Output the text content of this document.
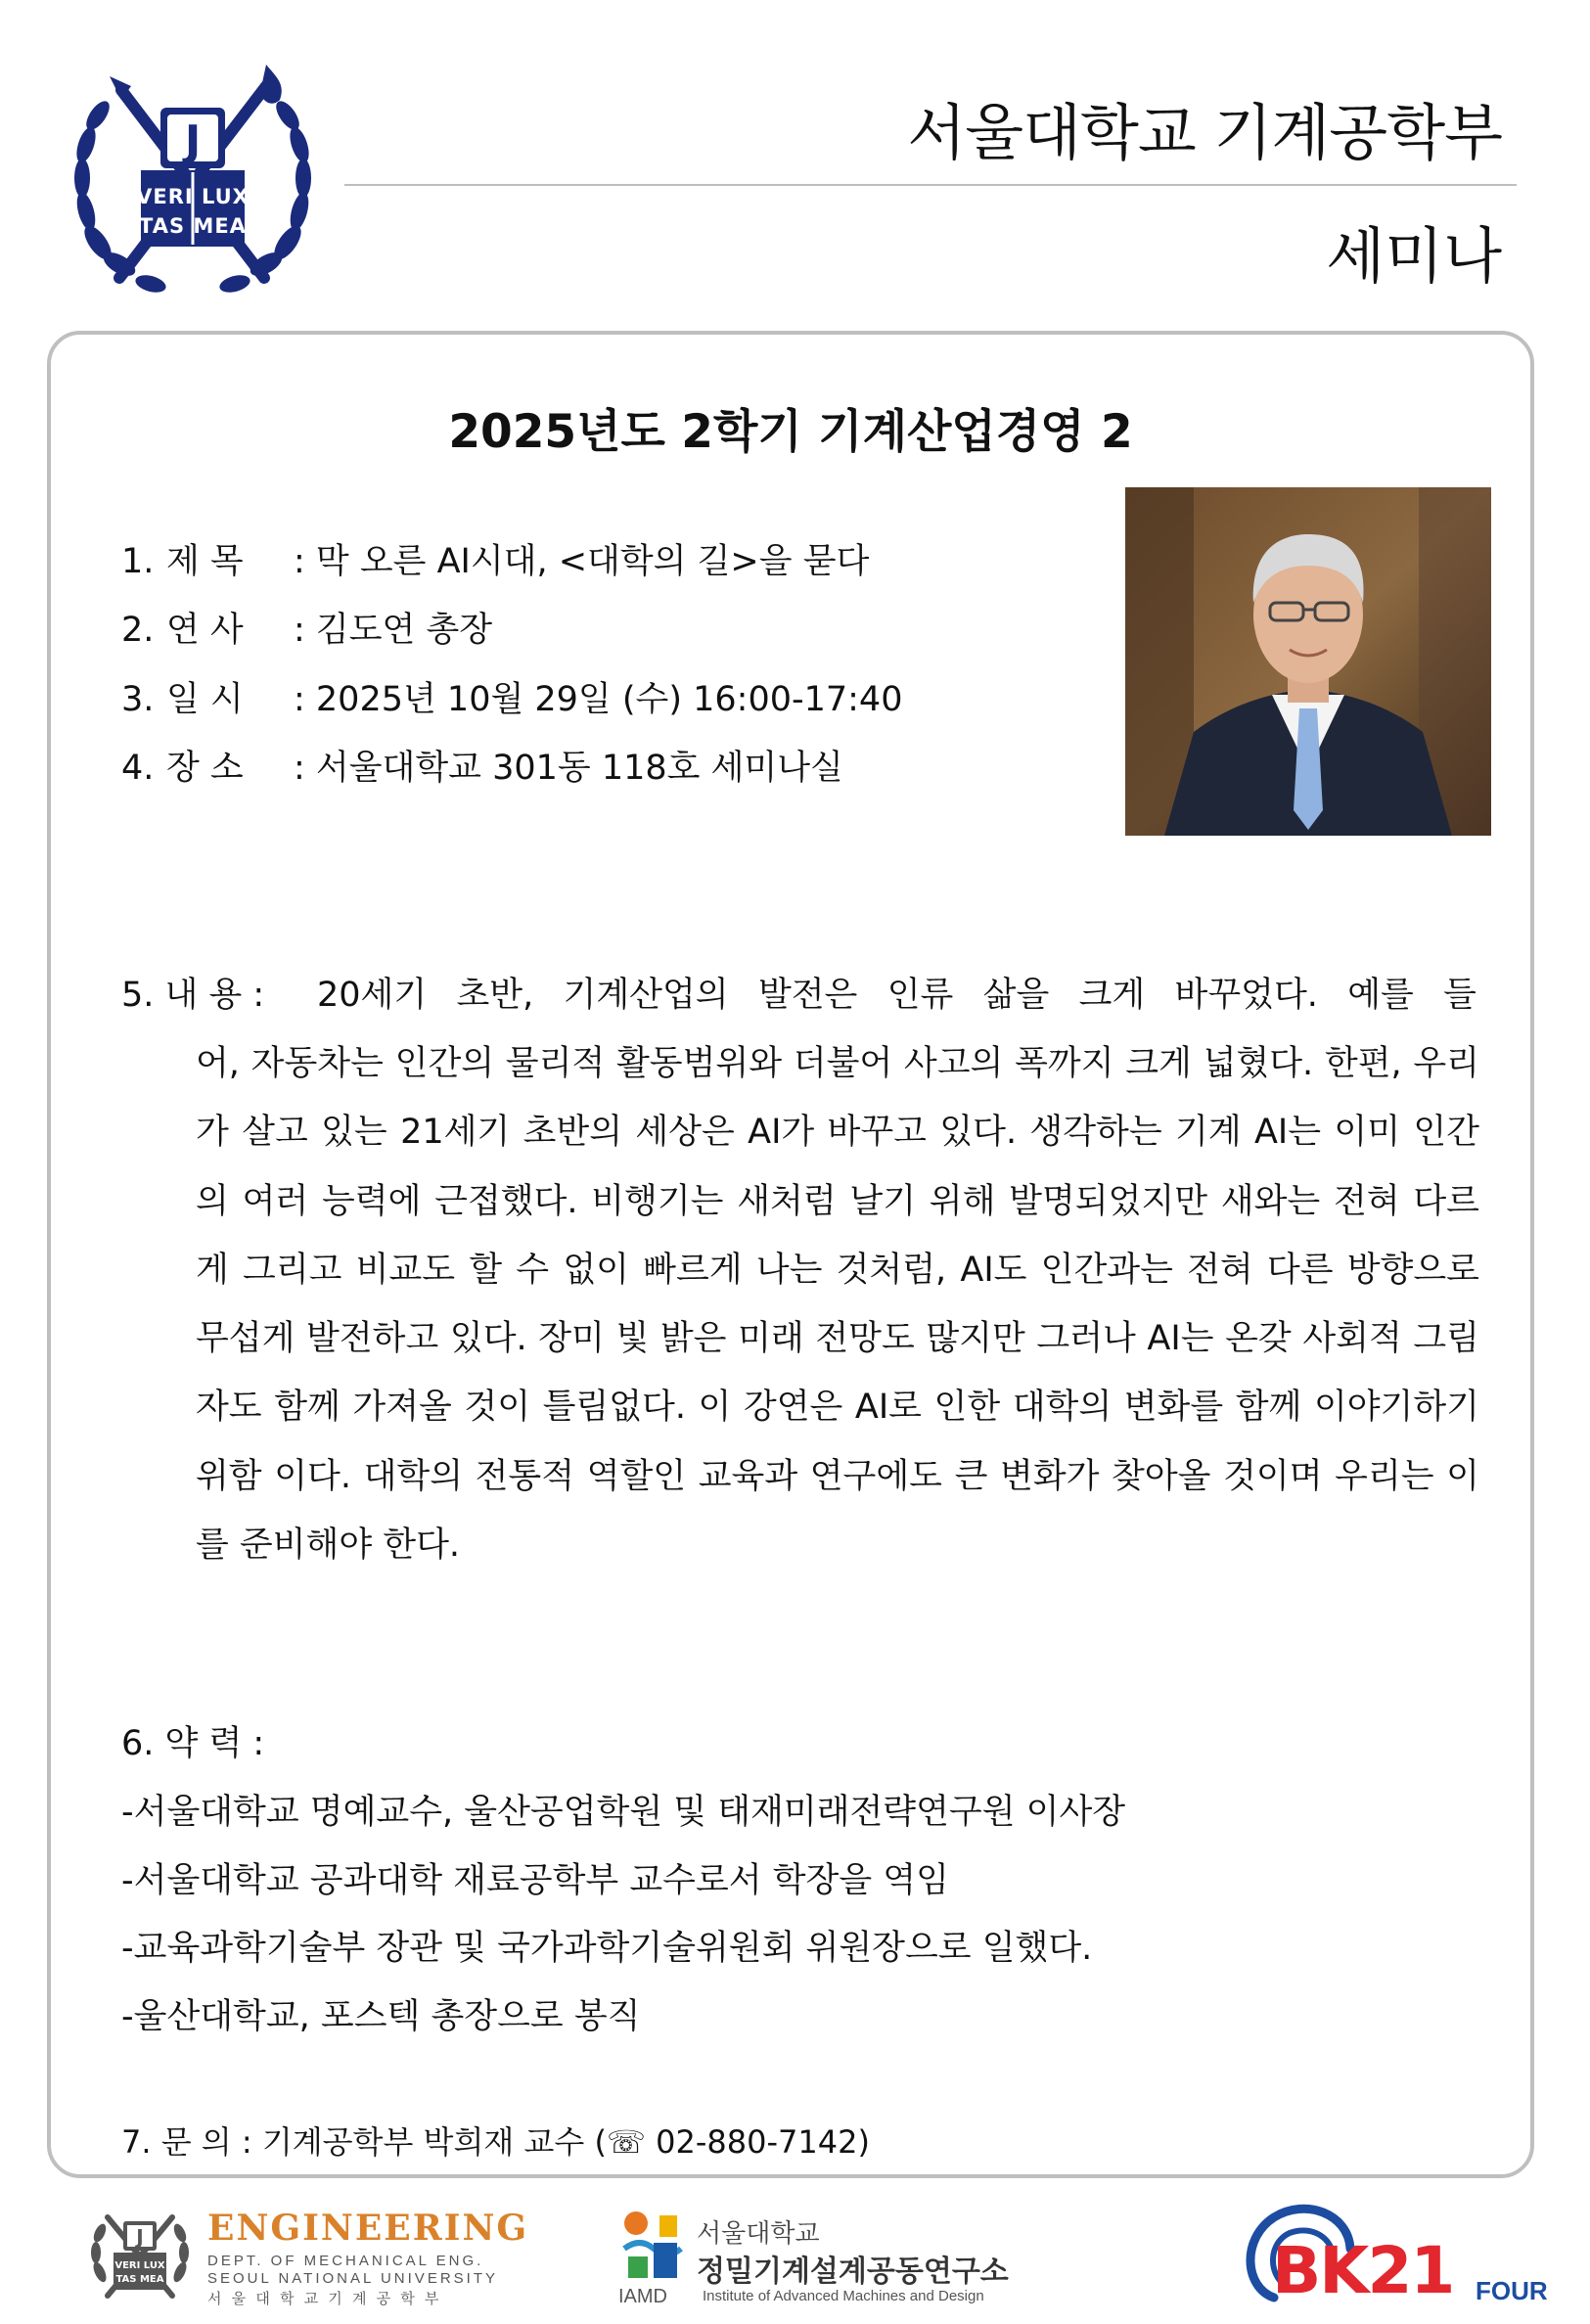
J
VERI LUX
TAS MEA
서울대학교 기계공학부
세미나
2025년도 2학기 기계산업경영 2
1. 제 목 : 막 오른 AI시대, <대학의 길>을 묻다
2. 연 사 : 김도연 총장
3. 일 시 : 2025년 10월 29일 (수) 16:00-17:40
4. 장 소 : 서울대학교 301동 118호 세미나실
5. 내 용 : 20세기 초반, 기계산업의 발전은 인류 삶을 크게 바꾸었다. 예를 들
어, 자동차는 인간의 물리적 활동범위와 더불어 사고의 폭까지 크게 넓혔다. 한편, 우리가 살고 있는 21세기 초반의 세상은 AI가 바꾸고 있다. 생각하는 기계 AI는 이미 인간의 여러 능력에 근접했다. 비행기는 새처럼 날기 위해 발명되었지만 새와는 전혀 다르게 그리고 비교도 할 수 없이 빠르게 나는 것처럼, AI도 인간과는 전혀 다른 방향으로 무섭게 발전하고 있다. 장미 빛 밝은 미래 전망도 많지만 그러나 AI는 온갖 사회적 그림자도 함께 가져올 것이 틀림없다. 이 강연은 AI로 인한 대학의 변화를 함께 이야기하기 위함 이다. 대학의 전통적 역할인 교육과 연구에도 큰 변화가 찾아올 것이며 우리는 이를 준비해야 한다.
6. 약 력 :
-서울대학교 명예교수, 울산공업학원 및 태재미래전략연구원 이사장
-서울대학교 공과대학 재료공학부 교수로서 학장을 역임
-교육과학기술부 장관 및 국가과학기술위원회 위원장으로 일했다.
-울산대학교, 포스텍 총장으로 봉직
7. 문 의 : 기계공학부 박희재 교수 (☏ 02-880-7142)
J
VERI LUX
TAS MEA
ENGINEERING
DEPT. OF MECHANICAL ENG.
SEOUL NATIONAL UNIVERSITY
서 울 대 학 교 기 계 공 학 부	IAMD
서울대학교
정밀기계설계공동연구소
Institute of Advanced Machines and Design	BK21 FOUR
